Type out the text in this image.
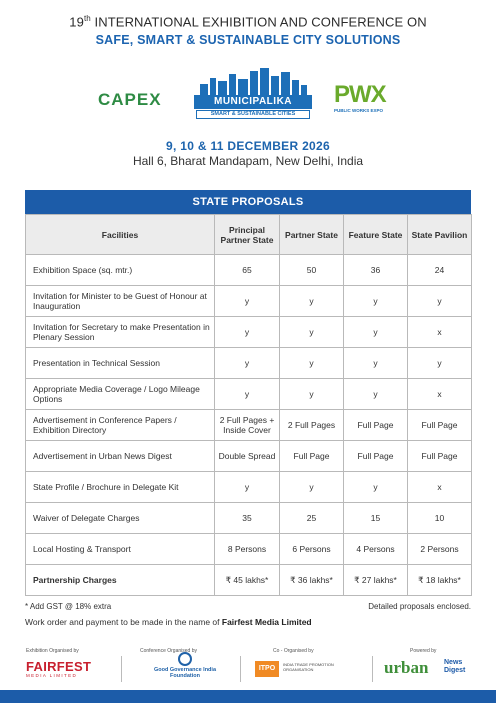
19th INTERNATIONAL EXHIBITION AND CONFERENCE ON
SAFE, SMART & SUSTAINABLE CITY SOLUTIONS
CAPEX	MUNICIPALIKA
SMART & SUSTAINABLE CITIES
PWX
PUBLIC WORKS EXPO
9, 10 & 11 DECEMBER 2026
Hall 6, Bharat Mandapam, New Delhi, India
STATE PROPOSALS
Facilities	Principal Partner State	Partner State	Feature State	State Pavilion
Exhibition Space (sq. mtr.)	65	50	36	24
Invitation for Minister to be Guest of Honour at Inauguration	y	y	y	y
Invitation for Secretary to make Presentation in Plenary Session	y	y	y	x
Presentation in Technical Session	y	y	y	y
Appropriate Media Coverage / Logo Mileage Options	y	y	y	x
Advertisement in Conference Papers / Exhibition Directory	2 Full Pages + Inside Cover	2 Full Pages	Full Page	Full Page
Advertisement in Urban News Digest	Double Spread	Full Page	Full Page	Full Page
State Profile / Brochure in Delegate Kit	y	y	y	x
Waiver of Delegate Charges	35	25	15	10
Local Hosting & Transport	8 Persons	6 Persons	4 Persons	2 Persons
Partnership Charges	₹ 45 lakhs*	₹ 36 lakhs*	₹ 27 lakhs*	₹ 18 lakhs*
* Add GST @ 18% extra	Detailed proposals enclosed.
Work order and payment to be made in the name of Fairfest Media Limited
Exhibition Organised by	Conference Organised by	Co - Organised by	Powered by
FAIRFEST
MEDIA LIMITED
Good Governance India Foundation
ITPO
INDIA TRADE PROMOTION ORGANISATION	urban News
Digest
